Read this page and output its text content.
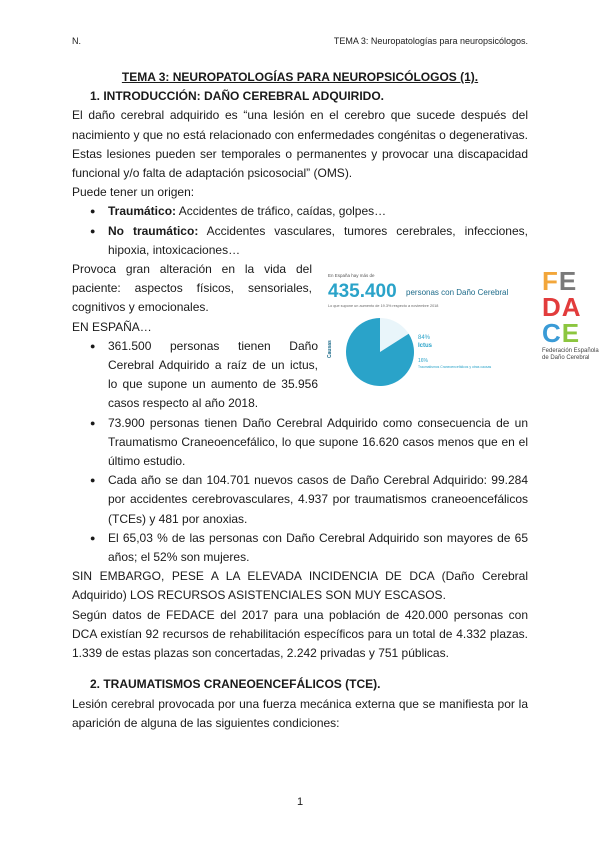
N.	TEMA 3: Neuropatologías para neuropsicólogos.

TEMA 3: NEUROPATOLOGÍAS PARA NEUROPSICÓLOGOS (1).

1. INTRODUCCIÓN: DAÑO CEREBRAL ADQUIRIDO.

El daño cerebral adquirido es “una lesión en el cerebro que sucede después del nacimiento y que no está relacionado con enfermedades congénitas o degenerativas. Estas lesiones pueden ser temporales o permanentes y provocar una discapacidad funcional y/o falta de adaptación psicosocial” (OMS).

Puede tener un origen:

● Traumático: Accidentes de tráfico, caídas, golpes…
● No traumático: Accidentes vasculares, tumores cerebrales, infecciones, hipoxia, intoxicaciones…

Provoca gran alteración en la vida del paciente: aspectos físicos, sensoriales, cognitivos y emocionales.

EN ESPAÑA…

● 361.500 personas tienen Daño Cerebral Adquirido a raíz de un ictus, lo que supone un aumento de 35.956 casos respecto al año 2018.
● 73.900 personas tienen Daño Cerebral Adquirido como consecuencia de un Traumatismo Craneoencefálico, lo que supone 16.620 casos menos que en el último estudio.
● Cada año se dan 104.701 nuevos casos de Daño Cerebral Adquirido: 99.284 por accidentes cerebrovasculares, 4.937 por traumatismos craneoencefálicos (TCEs) y 481 por anoxias.
● El 65,03 % de las personas con Daño Cerebral Adquirido son mayores de 65 años; el 52% son mujeres.

SIN EMBARGO, PESE A LA ELEVADA INCIDENCIA DE DCA (Daño Cerebral Adquirido) LOS RECURSOS ASISTENCIALES SON MUY ESCASOS.

Según datos de FEDACE del 2017 para una población de 420.000 personas con DCA existían 92 recursos de rehabilitación específicos para un total de 4.332 plazas. 1.339 de estas plazas son concertadas, 2.242 privadas y 751 públicas.

2. TRAUMATISMOS CRANEOENCEFÁLICOS (TCE).

Lesión cerebral provocada por una fuerza mecánica externa que se manifiesta por la aparición de alguna de las siguientes condiciones:

En España hay más de
435.400 personas con Daño Cerebral
Lo que supone un aumento de 19.3% respecto a noviembre 2018
Causas
84%
Ictus
16%
Traumatismos Craneoencefálicos y otras causas
FE
DA
CE
Federación Española de Daño Cerebral
1
